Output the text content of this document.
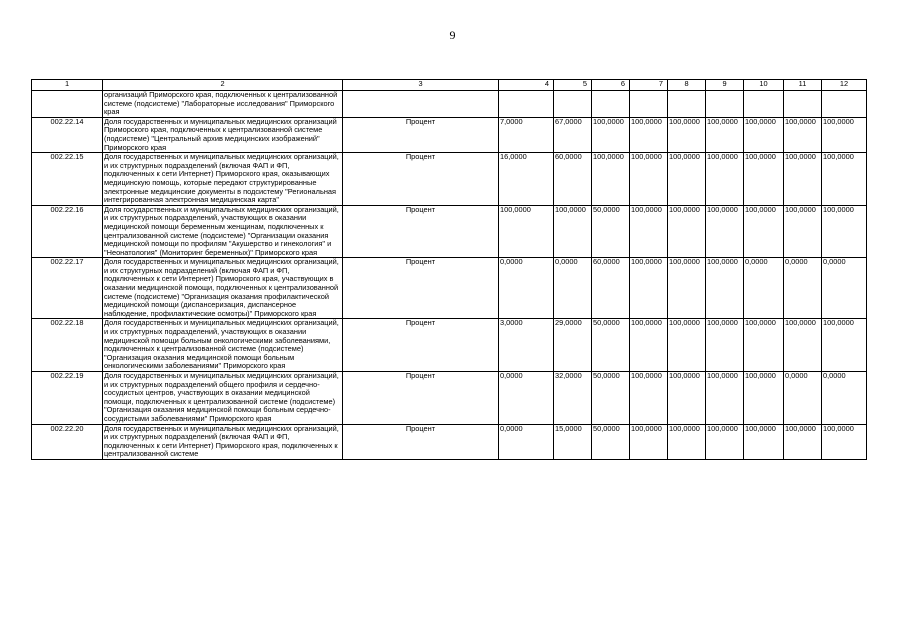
9
1	2	3	4	5	6	7	8	9	10	11	12
	организаций Приморского края, подключенных к централизованной системе (подсистеме) "Лабораторные исследования" Приморского края										
002.22.14	Доля государственных и муниципальных медицинских организаций Приморского края, подключенных к централизованной системе (подсистеме) "Центральный архив медицинских изображений" Приморского края	Процент	7,0000	67,0000	100,0000	100,0000	100,0000	100,0000	100,0000	100,0000	100,0000
002.22.15	Доля государственных и муниципальных медицинских организаций, и их структурных подразделений (включая ФАП и ФП, подключенных к сети Интернет) Приморского края, оказывающих медицинскую помощь, которые передают структурированные электронные медицинские документы в подсистему "Региональная интегрированная электронная медицинская карта"	Процент	16,0000	60,0000	100,0000	100,0000	100,0000	100,0000	100,0000	100,0000	100,0000
002.22.16	Доля государственных и муниципальных медицинских организаций, и их структурных подразделений, участвующих в оказании медицинской помощи беременным женщинам, подключенных к централизованной системе (подсистеме) "Организации оказания медицинской помощи по профилям "Акушерство и гинекология" и "Неонатология" (Мониторинг беременных)" Приморского края	Процент	100,0000	100,0000	50,0000	100,0000	100,0000	100,0000	100,0000	100,0000	100,0000
002.22.17	Доля государственных и муниципальных медицинских организаций, и их структурных подразделений (включая ФАП и ФП, подключенных к сети Интернет) Приморского края, участвующих в оказании медицинской помощи, подключенных к централизованной системе (подсистеме) "Организация оказания профилактической медицинской помощи (диспансеризация, диспансерное наблюдение, профилактические осмотры)" Приморского края	Процент	0,0000	0,0000	60,0000	100,0000	100,0000	100,0000	0,0000	0,0000	0,0000
002.22.18	Доля государственных и муниципальных медицинских организаций, и их структурных подразделений, участвующих в оказании медицинской помощи больным онкологическими заболеваниями, подключенных к централизованной системе (подсистеме) "Организация оказания медицинской помощи больным онкологическими заболеваниями" Приморского края	Процент	3,0000	29,0000	50,0000	100,0000	100,0000	100,0000	100,0000	100,0000	100,0000
002.22.19	Доля государственных и муниципальных медицинских организаций, и их структурных подразделений общего профиля и сердечно-сосудистых центров, участвующих в оказании медицинской помощи, подключенных к централизованной системе (подсистеме) "Организация оказания медицинской помощи больным сердечно-сосудистыми заболеваниями" Приморского края	Процент	0,0000	32,0000	50,0000	100,0000	100,0000	100,0000	100,0000	0,0000	0,0000
002.22.20	Доля государственных и муниципальных медицинских организаций, и их структурных подразделений (включая ФАП и ФП, подключенных к сети Интернет) Приморского края, подключенных к централизованной системе	Процент	0,0000	15,0000	50,0000	100,0000	100,0000	100,0000	100,0000	100,0000	100,0000
